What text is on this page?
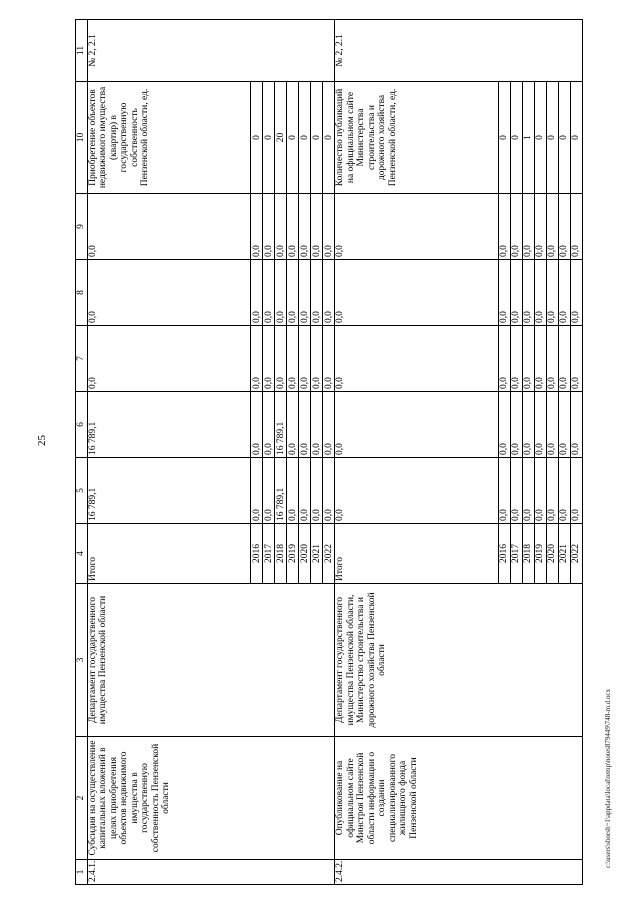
25
c:\users\sborsh~1\appdata\local\temp\notes879449\748-m.d.ocx
1	2	3	4	5	6	7	8	9	10	11
2.4.1.	Субсидия на осуществление капитальных вложений в целях приобретения объектов недвижимого имущества в государственную собственность Пензенской области	Департамент государственного имущества Пензенской области	Итого	16 789,1	16 789,1	0,0	0,0	0,0	Приобретение объектов недвижимого имущества (квартир) в государственную собственность Пензенской области, ед.	№ 2, 2.1
			2016	0,0	0,0	0,0	0,0	0,0	0	
			2017	0,0	0,0	0,0	0,0	0,0	0	
			2018	16 789,1	16 789,1	0,0	0,0	0,0	20	
			2019	0,0	0,0	0,0	0,0	0,0	0	
			2020	0,0	0,0	0,0	0,0	0,0	0	
			2021	0,0	0,0	0,0	0,0	0,0	0	
			2022	0,0	0,0	0,0	0,0	0,0	0	
2.4.2.	Опубликование на официальном сайте Минстроя Пензенской области информации о создании специализированного жилищного фонда Пензенской области	Департамент государственного имущества Пензенской области, Министерство строительства и дорожного хозяйства Пензенской области	Итого	0,0	0,0	0,0	0,0	0,0	Количество публикаций на официальном сайте Министерства строительства и дорожного хозяйства Пензенской области, ед.	№ 2, 2.1
			2016	0,0	0,0	0,0	0,0	0,0	0	
			2017	0,0	0,0	0,0	0,0	0,0	0	
			2018	0,0	0,0	0,0	0,0	0,0	1	
			2019	0,0	0,0	0,0	0,0	0,0	0	
			2020	0,0	0,0	0,0	0,0	0,0	0	
			2021	0,0	0,0	0,0	0,0	0,0	0	
			2022	0,0	0,0	0,0	0,0	0,0	0	
